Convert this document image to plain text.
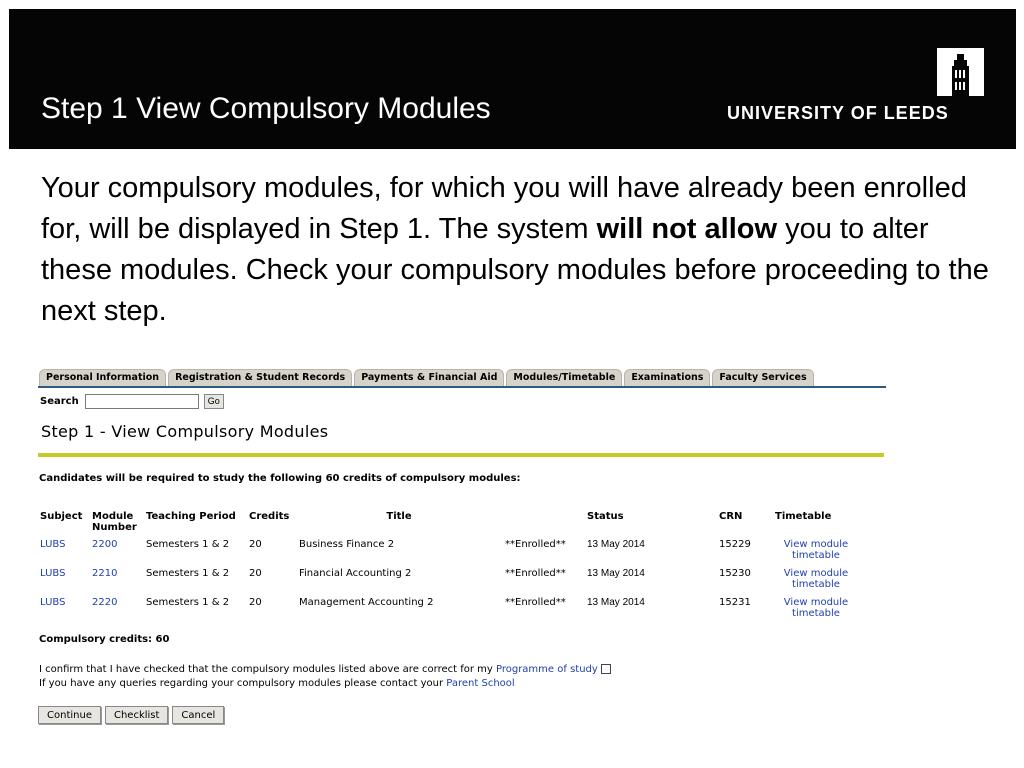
Step 1 View Compulsory Modules	UNIVERSITY OF LEEDS
Your compulsory modules, for which you will have already been enrolled for, will be displayed in Step 1. The system will not allow you to alter these modules. Check your compulsory modules before proceeding to the next step.
Personal Information	Registration & Student Records	Payments & Financial Aid	Modules/Timetable	Examinations	Faculty Services
Search	Go
Step 1 - View Compulsory Modules
Candidates will be required to study the following 60 credits of compulsory modules:
Subject	Module Number	Teaching Period	Credits	Title		Status	CRN	Timetable
LUBS	2200	Semesters 1 & 2	20	Business Finance 2	**Enrolled**	13 May 2014	15229	View module timetable
LUBS	2210	Semesters 1 & 2	20	Financial Accounting 2	**Enrolled**	13 May 2014	15230	View module timetable
LUBS	2220	Semesters 1 & 2	20	Management Accounting 2	**Enrolled**	13 May 2014	15231	View module timetable
Compulsory credits: 60
I confirm that I have checked that the compulsory modules listed above are correct for my Programme of study
If you have any queries regarding your compulsory modules please contact your Parent School
Continue	Checklist	Cancel
